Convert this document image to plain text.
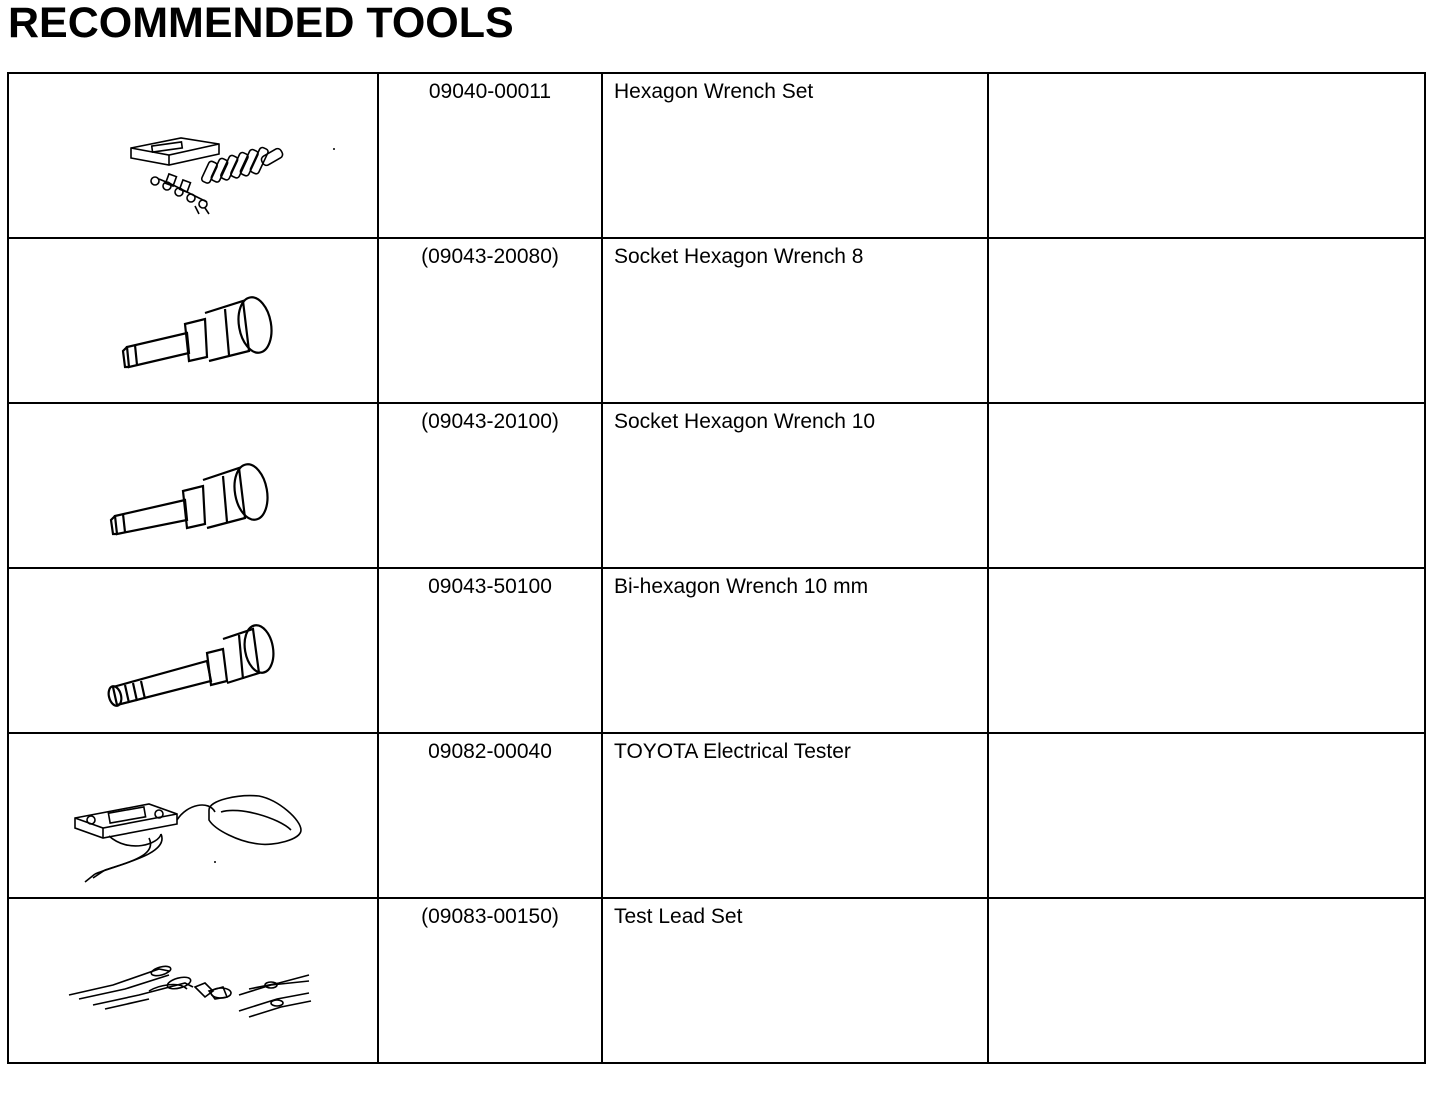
RECOMMENDED TOOLS
	09040-00011	Hexagon Wrench Set	

	(09043-20080)	Socket Hexagon Wrench 8	

	(09043-20100)	Socket Hexagon Wrench 10	

	09043-50100	Bi-hexagon Wrench 10 mm	

	09082-00040	TOYOTA Electrical Tester	

	(09083-00150)	Test Lead Set	
